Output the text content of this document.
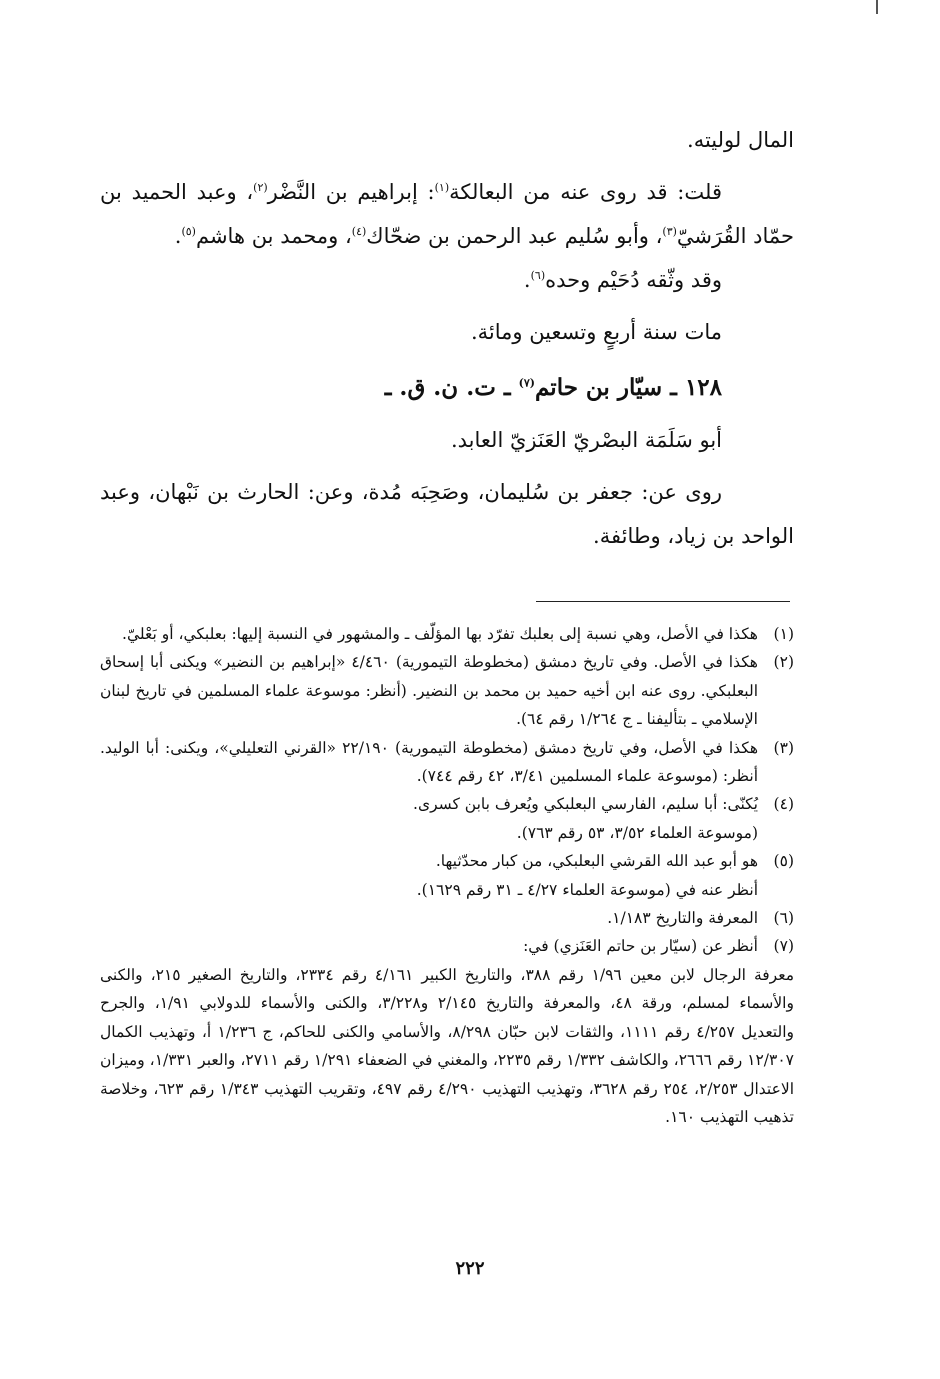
المال لوليته.

قلت: قد روى عنه من البعالكة$^{(١)}$: إبراهيم بن النَّضْر$^{(٢)}$، وعبد الحميد بن حمّاد القُرَشيّ$^{(٣)}$، وأبو سُليم عبد الرحمن بن ضحّاك$^{(٤)}$، ومحمد بن هاشم$^{(٥)}$.

وقد وثّقه دُحَيْم وحده$^{(٦)}$.

مات سنة أربعٍ وتسعين ومائة.

١٢٨ ـ سيّار بن حاتم$^{(٧)}$ ـ ت. ن. ق. ـ

أبو سَلَمَة البصْريّ العَنَزيّ العابد.

روى عن: جعفر بن سُليمان، وصَحِبَه مُدة، وعن: الحارث بن نَبْهان، وعبد الواحد بن زياد، وطائفة.

(١)
هكذا في الأصل، وهي نسبة إلى بعلبك تفرّد بها المؤلّف ـ والمشهور في النسبة إليها: بعلبكي، أو بَعْليّ.
(٢)
هكذا في الأصل. وفي تاريخ دمشق (مخطوطة التيمورية) ٤/٤٦٠ «إبراهيم بن النضير» ويكنى أبا إسحاق البعلبكي. روى عنه ابن أخيه حميد بن محمد بن النضير. (أنظر: موسوعة علماء المسلمين في تاريخ لبنان الإسلامي ـ بتأليفنا ـ ج ١/٢٦٤ رقم ٦٤).
(٣)
هكذا في الأصل، وفي تاريخ دمشق (مخطوطة التيمورية) ٢٢/١٩٠ «القرني التعليلي»، ويكنى: أبا الوليد. أنظر: (موسوعة علماء المسلمين ٣/٤١، ٤٢ رقم ٧٤٤).
(٤)
يُكنّى: أبا سليم، الفارسي البعلبكي ويُعرف بابن كسرى.
(موسوعة العلماء ٣/٥٢، ٥٣ رقم ٧٦٣).
(٥)
هو أبو عبد الله القرشي البعلبكي، من كبار محدّثيها.
أنظر عنه في (موسوعة العلماء ٤/٢٧ ـ ٣١ رقم ١٦٢٩).
(٦)
المعرفة والتاريخ ١/١٨٣.
(٧)
أنظر عن (سيّار بن حاتم العَنَزي) في:
معرفة الرجال لابن معين ١/٩٦ رقم ٣٨٨، والتاريخ الكبير ٤/١٦١ رقم ٢٣٣٤، والتاريخ الصغير ٢١٥، والكنى والأسماء لمسلم، ورقة ٤٨، والمعرفة والتاريخ ٢/١٤٥ و٣/٢٢٨، والكنى والأسماء للدولابي ١/٩١، والجرح والتعديل ٤/٢٥٧ رقم ١١١١، والثقات لابن حبّان ٨/٢٩٨، والأسامي والكنى للحاكم، ج ١/٢٣٦ أ، وتهذيب الكمال ١٢/٣٠٧ رقم ٢٦٦٦، والكاشف ١/٣٣٢ رقم ٢٢٣٥، والمغني في الضعفاء ١/٢٩١ رقم ٢٧١١، والعبر ١/٣٣١، وميزان الاعتدال ٢/٢٥٣، ٢٥٤ رقم ٣٦٢٨، وتهذيب التهذيب ٤/٢٩٠ رقم ٤٩٧، وتقريب التهذيب ١/٣٤٣ رقم ٦٢٣، وخلاصة تذهيب التهذيب ١٦٠.
٢٢٢
